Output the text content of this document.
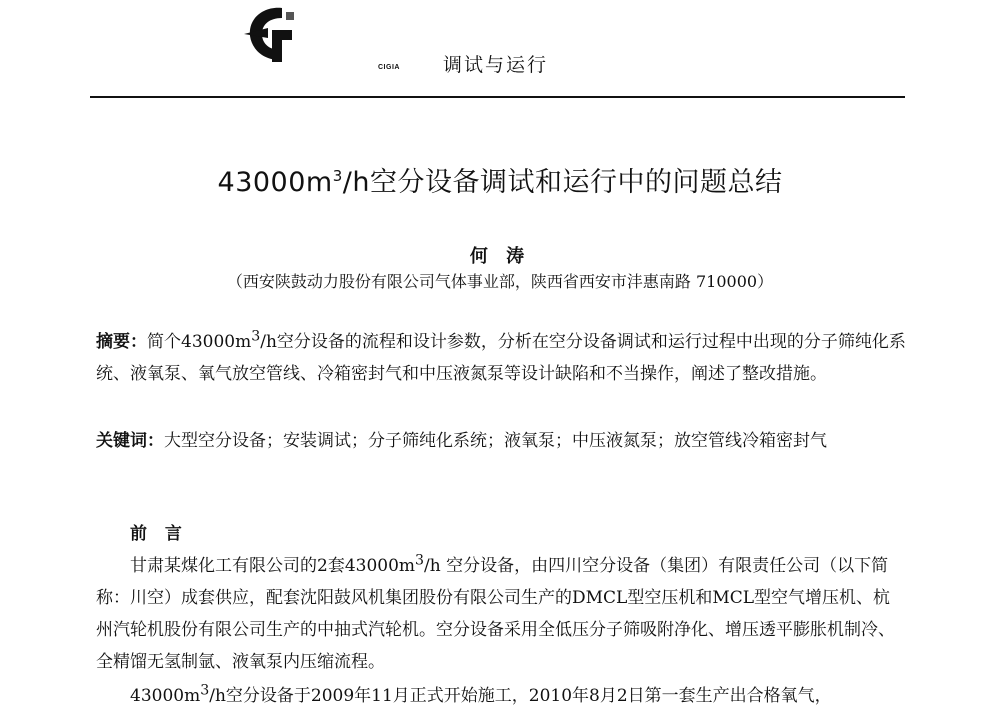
CIGIA 调试与运行
$43000m^3/h$空分设备调试和运行中的问题总结
何 涛
（西安陕鼓动力股份有限公司气体事业部，陕西省西安市沣惠南路 710000）
摘要：简个$43000m^3/h$空分设备的流程和设计参数，分析在空分设备调试和运行过程中出现的分子筛纯化系统、液氧泵、氧气放空管线、冷箱密封气和中压液氮泵等设计缺陷和不当操作，阐述了整改措施。
关键词：大型空分设备；安装调试；分子筛纯化系统；液氧泵；中压液氮泵；放空管线冷箱密封气
前 言
甘肃某煤化工有限公司的2套$43000m^3/h$ 空分设备，由四川空分设备（集团）有限责任公司（以下简称：川空）成套供应，配套沈阳鼓风机集团股份有限公司生产的DMCL型空压机和MCL型空气增压机、杭州汽轮机股份有限公司生产的中抽式汽轮机。空分设备采用全低压分子筛吸附净化、增压透平膨胀机制冷、全精馏无氢制氩、液氧泵内压缩流程。
$43000m^3/h$空分设备于2009年11月正式开始施工，2010年8月2日第一套生产出合格氧气，
